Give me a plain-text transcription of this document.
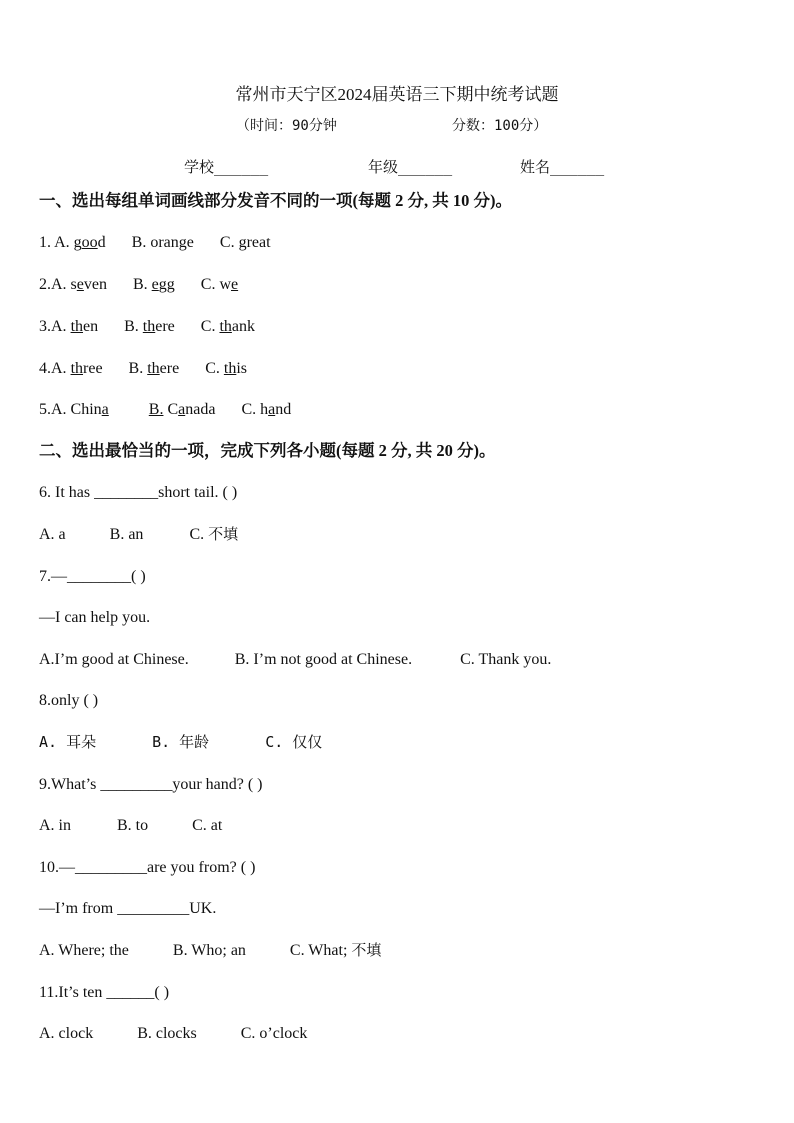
常州市天宁区2024届英语三下期中统考试题
（时间：90分钟	分数：100分）
学校______	年级______	姓名______
一、选出每组单词画线部分发音不同的一项(每题 2 分, 共 10 分)。
1. A. good B. orange C. great
2.A. seven B. egg C. we
3.A. then B. there C. thank
4.A. three B. there C. this
5.A. China	B. Canada C. hand
二、选出最恰当的一项，完成下列各小题(每题 2 分, 共 20 分)。
6. It has ________short tail. ( )
A. a	B. an	C. 不填
7.—________( )
—I can help you.
A.I’m good at Chinese.	B. I’m not good at Chinese.	C. Thank you.
8.only ( )
A. 耳朵	B. 年龄	C. 仅仅
9.What’s _________your hand? ( )
A. in	B. to	C. at
10.—_________are you from? ( )
—I’m from _________UK.
A. Where; the	B. Who; an	C. What; 不填
11.It’s ten ______( )
A. clock	B. clocks	C. o’clock
